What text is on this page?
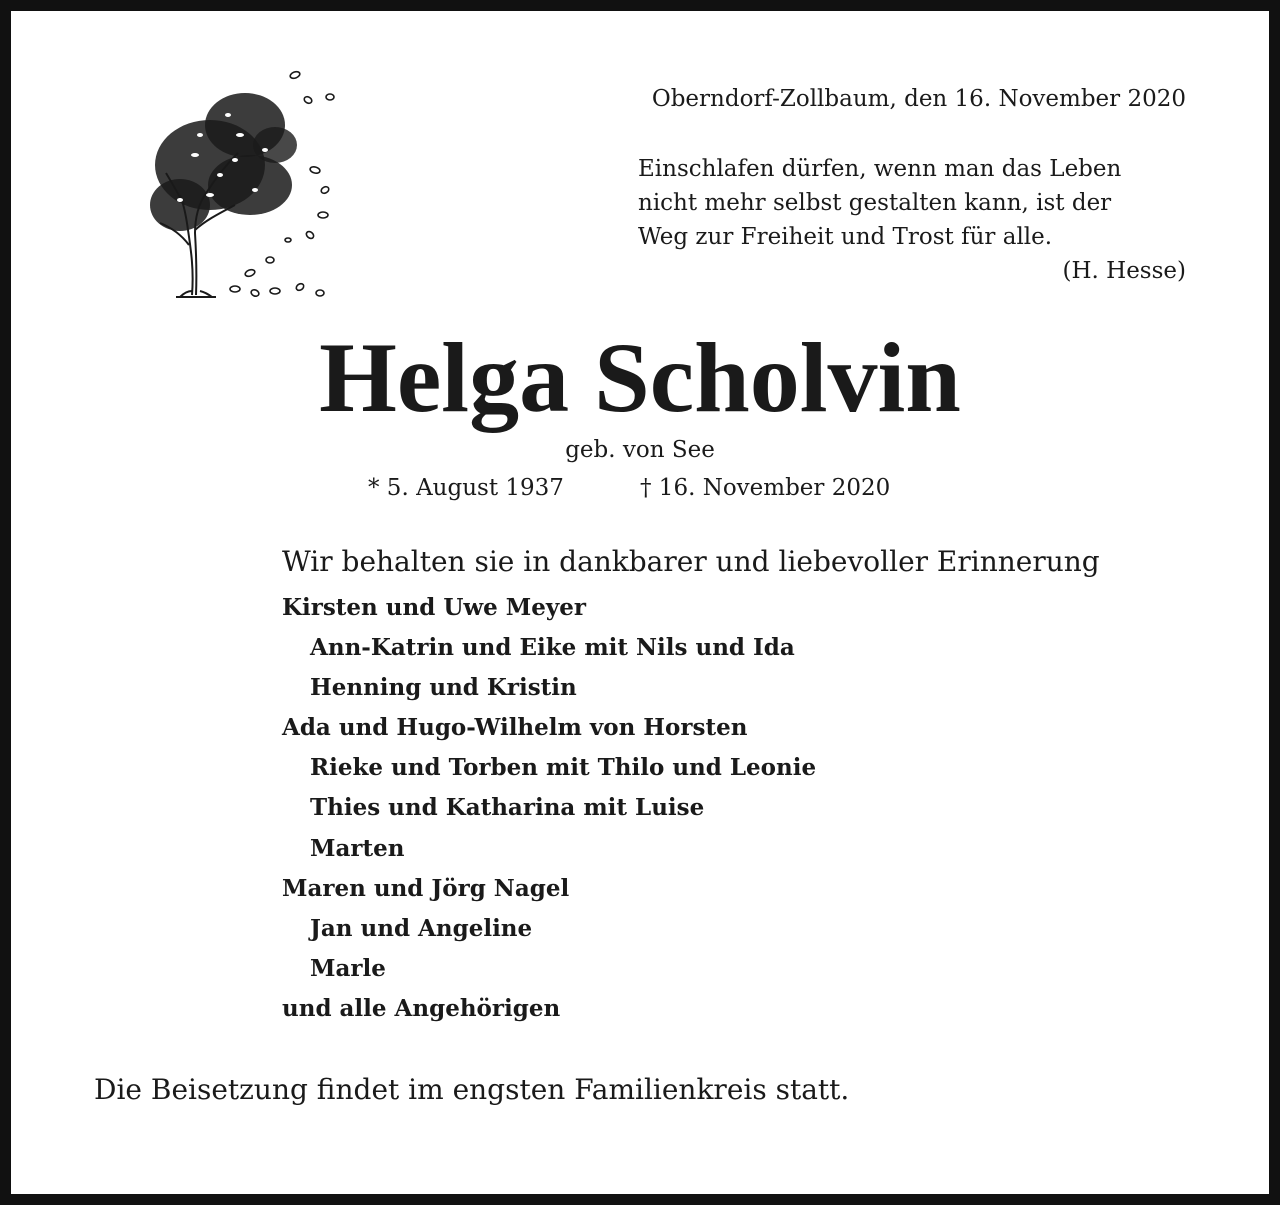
Oberndorf-Zollbaum, den 16. November 2020
Einschlafen dürfen, wenn man das Leben
nicht mehr selbst gestalten kann, ist der
Weg zur Freiheit und Trost für alle.
(H. Hesse)
Helga Scholvin
geb. von See
* 5. August 1937	† 16. November 2020
Wir behalten sie in dankbarer und liebevoller Erinnerung
Kirsten und Uwe Meyer
Ann-Katrin und Eike mit Nils und Ida
Henning und Kristin
Ada und Hugo-Wilhelm von Horsten
Rieke und Torben mit Thilo und Leonie
Thies und Katharina mit Luise
Marten
Maren und Jörg Nagel
Jan und Angeline
Marle
und alle Angehörigen
Die Beisetzung findet im engsten Familienkreis statt.
